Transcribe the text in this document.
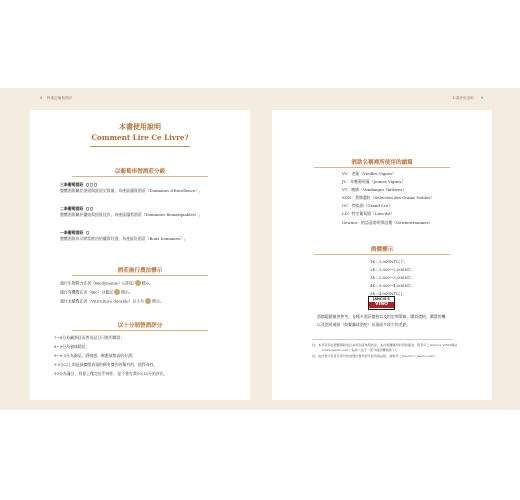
8 科迪亞葡萄酒評	本書使用說明 9
本書使用說明
Comment Lire Ce Livre?
以葡萄串替酒莊分級
三串葡萄酒莊
整體酒質屬於頂級與最頂尖質量，為產區優質酒莊（Domaines d'Excellence）。
二串葡萄酒莊
整體酒質屬於優級與頂級佳作，為產區優秀酒莊（Domaines Remarquables）。
一串葡萄酒莊
整體酒質為可經常飲用的優質好酒，為產區好酒莊（Bons Domaines）。
酒莊施行農法標示
施行生物動力法者（Biodynamie）以斜記 標示。
施行有機農法者（Bio）以藍記 標示。
施行永續農法者（Viticulture durable）以小兵 標示。
以十分制替酒評分
7~8分為屬酒佳而普為品日可飲用購買；
8~9分為風味精佳；
9~9.5分為錦品，酒嗅感，佛應放集高的好酒；
9.5分以上則是最傑開表現的稀有傑作的稀有的，值得尋找，
10分為滿分，但寥上微完近乎神作，是不會在我10/10分的評比。
酒款名稱裡所使用的縮寫
VV：老藤（Vieilles Vignes）
JV：年輕葡萄藤（Jeunes Vignes）
VT：晚摘（Vendanges Tardives）
SGN：貴腐選粒（Sélection des Grains Nobles）
GC：特級園（Grand Cru）
LD：特定葡萄園（Lieu-dit）
Gewürz：格烏茲塔明那品種（Gewürztraminer）
酒價標示
1$＝1,000NT以下；
2$＝1,000~2,000NT；
3$＝2,000~3,000NT；
4$＝3,000~4,000NT；
5$＝4,000NT以上
JANCIS'S
VINO
酒價範圍僅供參考，各種多酒莊價格以及的定期策略，購買價格，購置的機
以及酒用通路（如餐廳或酒吧）出現或多或少的差距。
註：本書有別台灣嚮導版成位本吳別產地與的是，並在相關運用的同時提供，優者可上Jancis's VINO網站
（www.jancis.com）查詢（並不一部分提供購閱線下）。
註：由於書中某產生部份的地理位置均部分的別地品相，請參考上Jancis's（jancis.com）。
